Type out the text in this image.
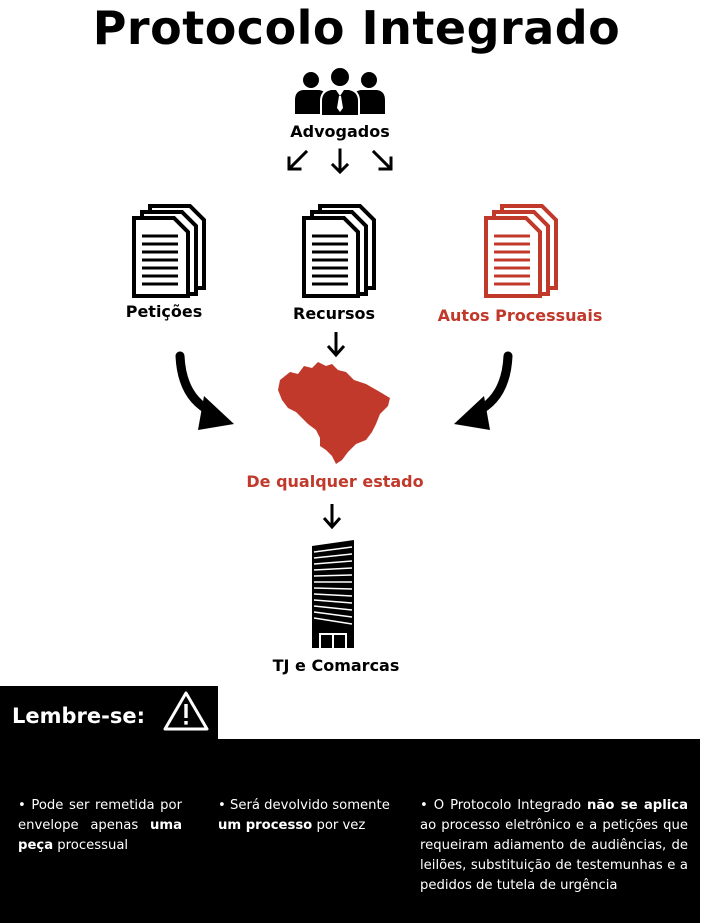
Protocolo Integrado
Advogados
Petições	Recursos	Autos Processuais
De qualquer estado
TJ e Comarcas
Lembre-se:
• Pode ser remetida por envelope apenas uma peça processual
• Será devolvido somente um processo por vez
• O Protocolo Integrado não se aplica ao processo eletrônico e a petições que requeiram adiamento de audiências, de leilões, substituição de testemunhas e a pedidos de tutela de urgência
